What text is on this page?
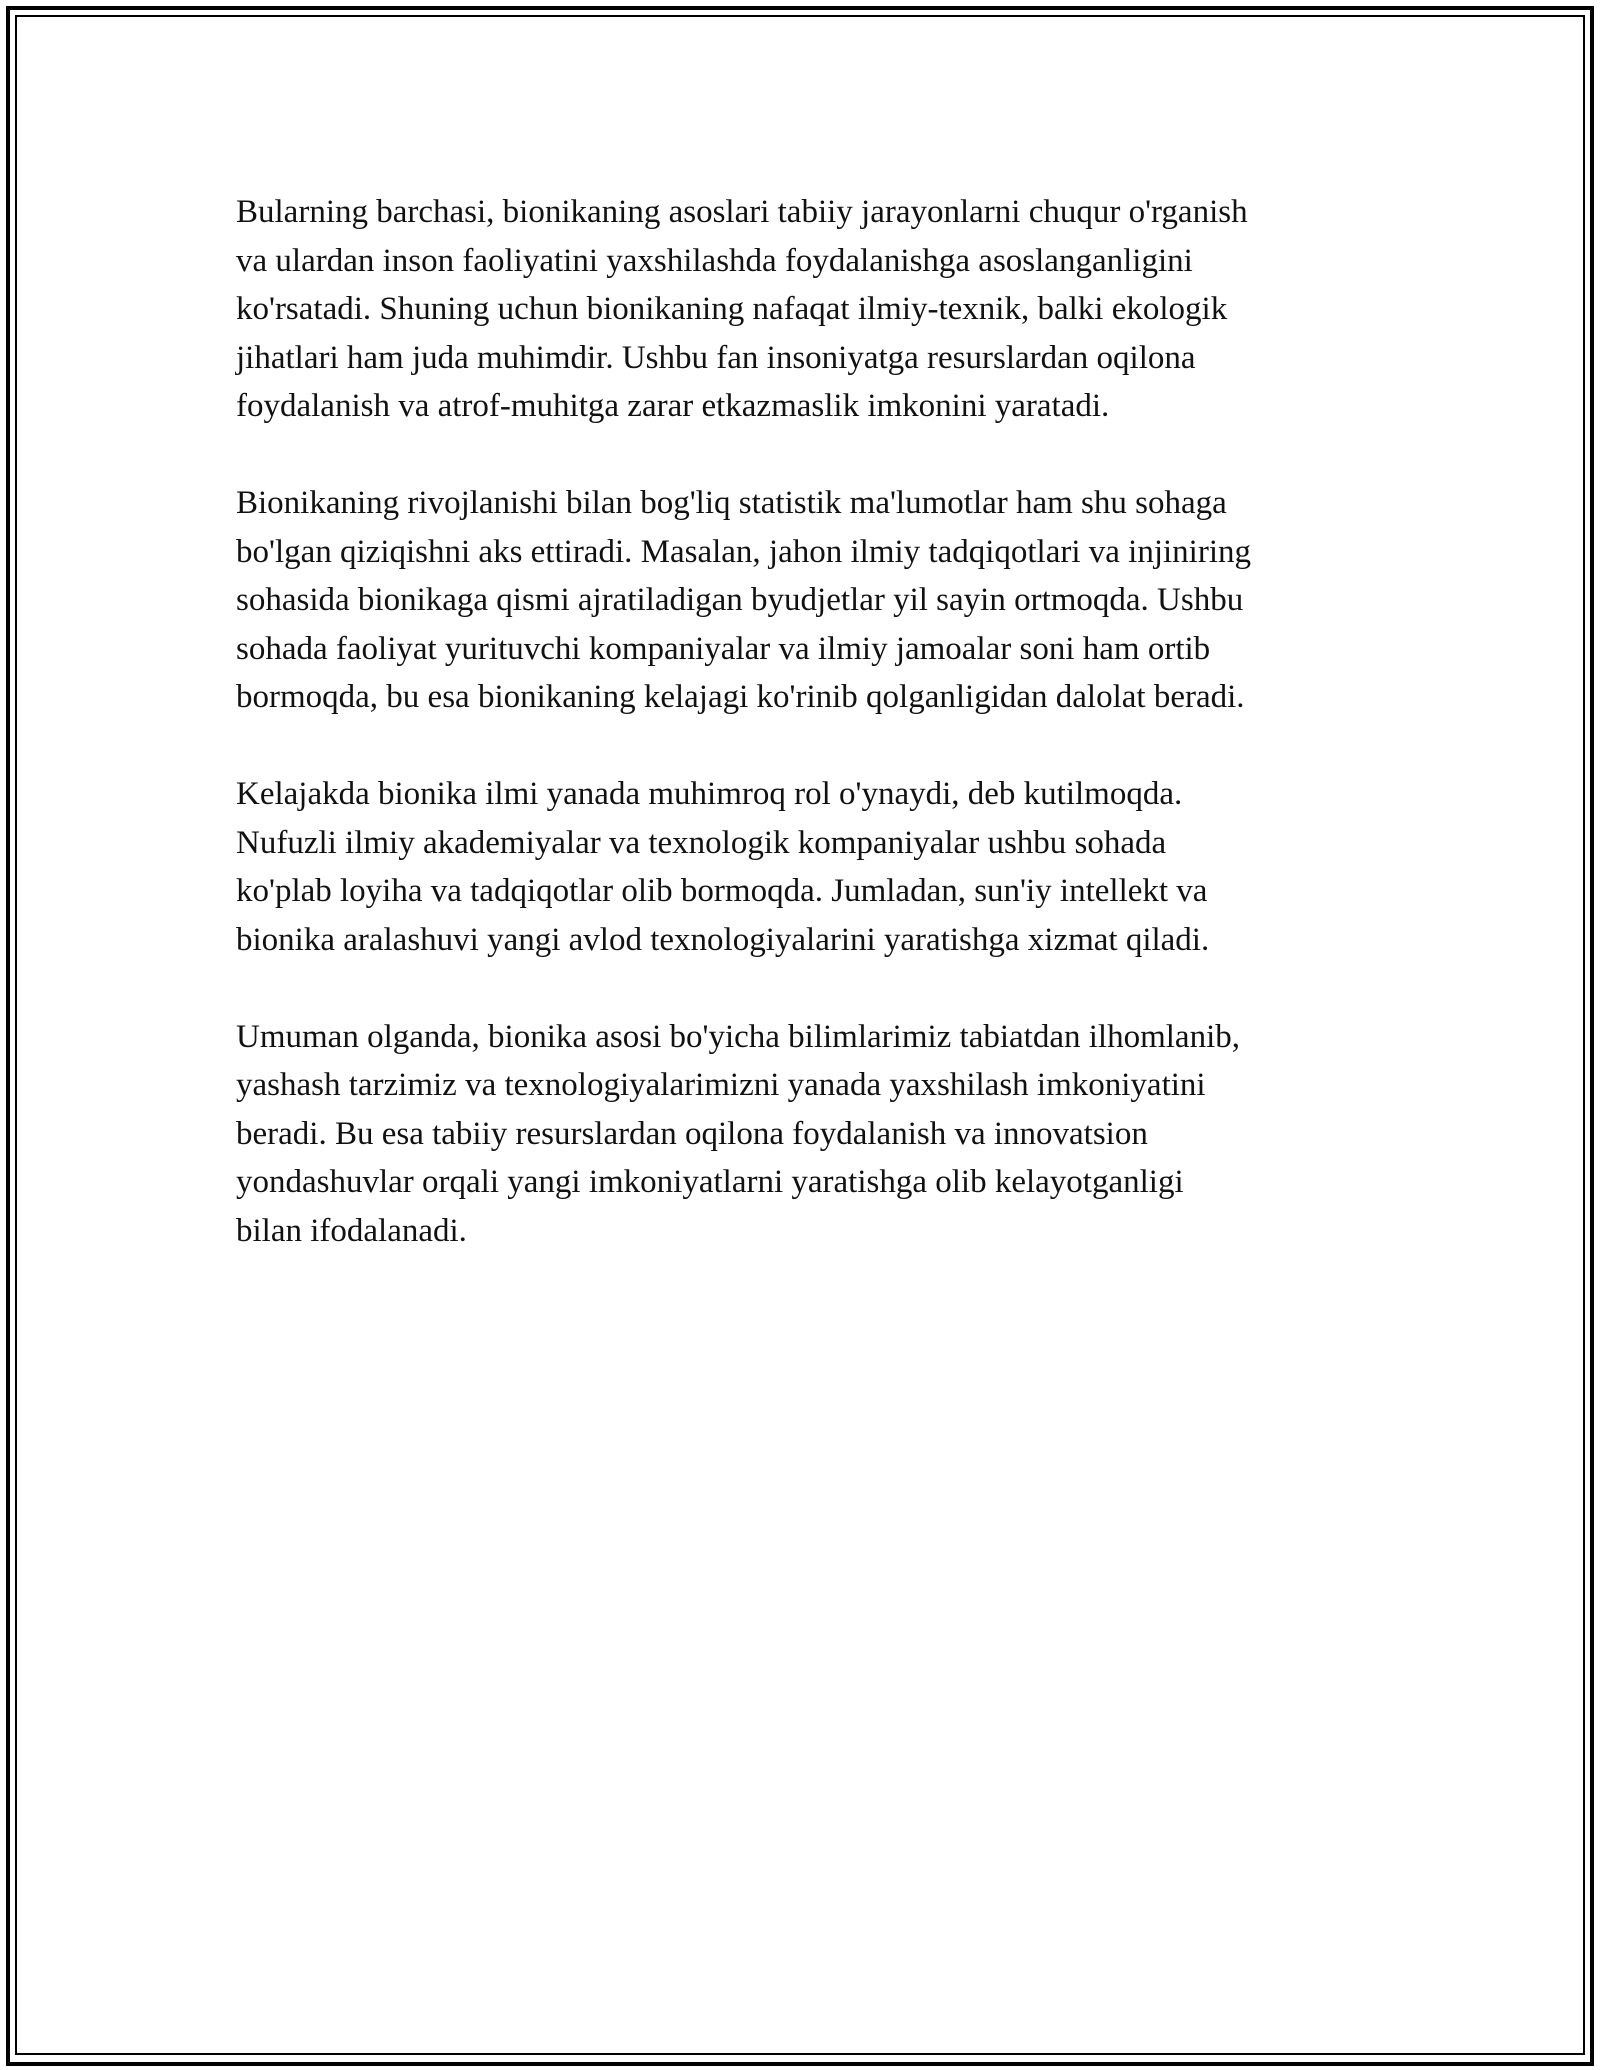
Bularning barchasi, bionikaning asoslari tabiiy jarayonlarni chuqur o'rganish
va ulardan inson faoliyatini yaxshilashda foydalanishga asoslanganligini
ko'rsatadi. Shuning uchun bionikaning nafaqat ilmiy-texnik, balki ekologik
jihatlari ham juda muhimdir. Ushbu fan insoniyatga resurslardan oqilona
foydalanish va atrof-muhitga zarar etkazmaslik imkonini yaratadi.

Bionikaning rivojlanishi bilan bog'liq statistik ma'lumotlar ham shu sohaga
bo'lgan qiziqishni aks ettiradi. Masalan, jahon ilmiy tadqiqotlari va injiniring
sohasida bionikaga qismi ajratiladigan byudjetlar yil sayin ortmoqda. Ushbu
sohada faoliyat yurituvchi kompaniyalar va ilmiy jamoalar soni ham ortib
bormoqda, bu esa bionikaning kelajagi ko'rinib qolganligidan dalolat beradi.

Kelajakda bionika ilmi yanada muhimroq rol o'ynaydi, deb kutilmoqda.
Nufuzli ilmiy akademiyalar va texnologik kompaniyalar ushbu sohada
ko'plab loyiha va tadqiqotlar olib bormoqda. Jumladan, sun'iy intellekt va
bionika aralashuvi yangi avlod texnologiyalarini yaratishga xizmat qiladi.

Umuman olganda, bionika asosi bo'yicha bilimlarimiz tabiatdan ilhomlanib,
yashash tarzimiz va texnologiyalarimizni yanada yaxshilash imkoniyatini
beradi. Bu esa tabiiy resurslardan oqilona foydalanish va innovatsion
yondashuvlar orqali yangi imkoniyatlarni yaratishga olib kelayotganligi
bilan ifodalanadi.
